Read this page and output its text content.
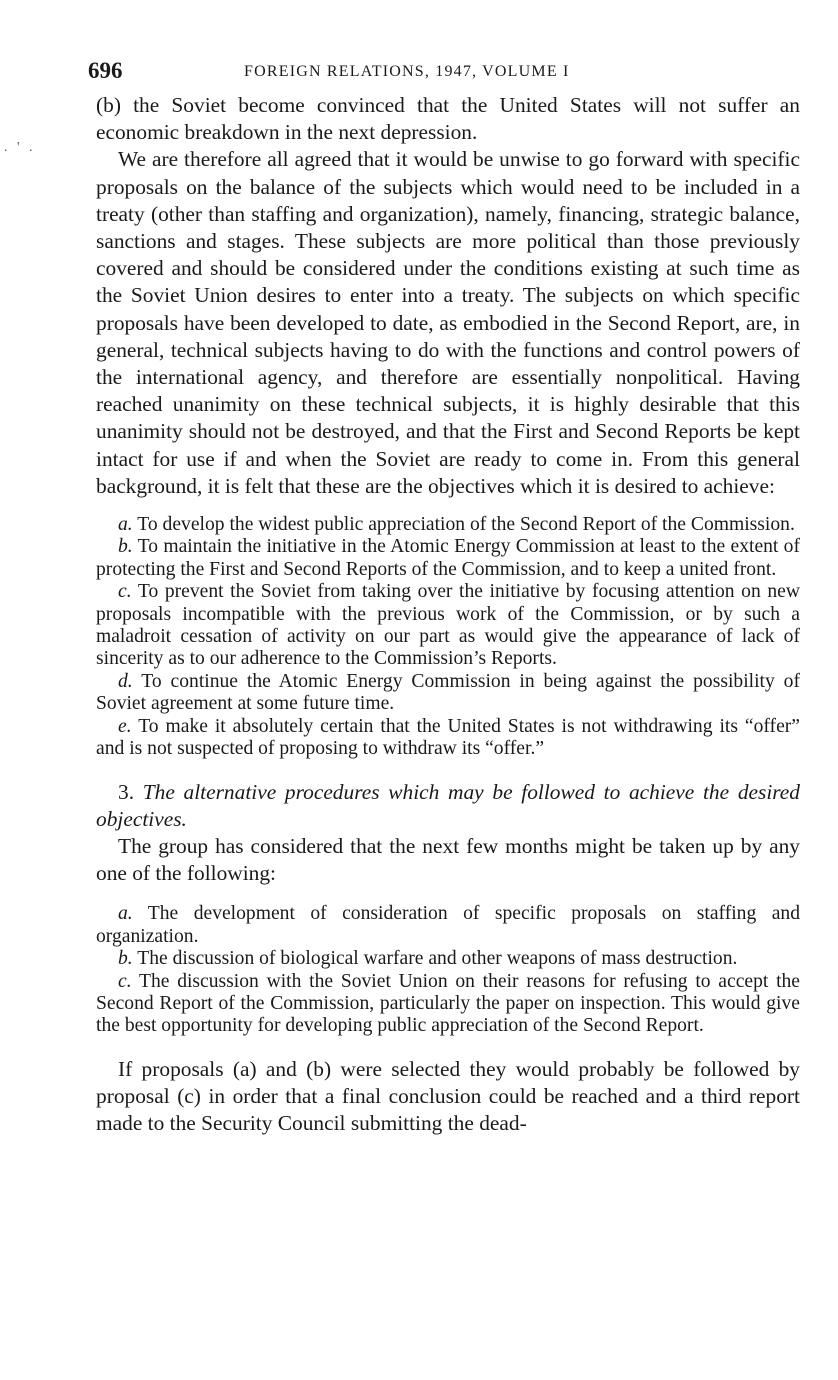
. ' .
696	FOREIGN RELATIONS, 1947, VOLUME I

(b) the Soviet become convinced that the United States will not suffer an economic breakdown in the next depression.

We are therefore all agreed that it would be unwise to go forward with specific proposals on the balance of the subjects which would need to be included in a treaty (other than staffing and organization), namely, financing, strategic balance, sanctions and stages. These subjects are more political than those previously covered and should be considered under the conditions existing at such time as the Soviet Union desires to enter into a treaty. The subjects on which specific proposals have been developed to date, as embodied in the Second Report, are, in general, technical subjects having to do with the functions and control powers of the international agency, and therefore are essentially nonpolitical. Having reached unanimity on these technical subjects, it is highly desirable that this unanimity should not be destroyed, and that the First and Second Reports be kept intact for use if and when the Soviet are ready to come in. From this general background, it is felt that these are the objectives which it is desired to achieve:

a. To develop the widest public appreciation of the Second Report of the Commission.

b. To maintain the initiative in the Atomic Energy Commission at least to the extent of protecting the First and Second Reports of the Commission, and to keep a united front.

c. To prevent the Soviet from taking over the initiative by focusing attention on new proposals incompatible with the previous work of the Commission, or by such a maladroit cessation of activity on our part as would give the appearance of lack of sincerity as to our adherence to the Commission’s Reports.

d. To continue the Atomic Energy Commission in being against the possibility of Soviet agreement at some future time.

e. To make it absolutely certain that the United States is not withdrawing its “offer” and is not suspected of proposing to withdraw its “offer.”

3. The alternative procedures which may be followed to achieve the desired objectives.

The group has considered that the next few months might be taken up by any one of the following:

a. The development of consideration of specific proposals on staffing and organization.

b. The discussion of biological warfare and other weapons of mass destruction.

c. The discussion with the Soviet Union on their reasons for refusing to accept the Second Report of the Commission, particularly the paper on inspection. This would give the best opportunity for developing public appreciation of the Second Report.

If proposals (a) and (b) were selected they would probably be followed by proposal (c) in order that a final conclusion could be reached and a third report made to the Security Council submitting the dead-
